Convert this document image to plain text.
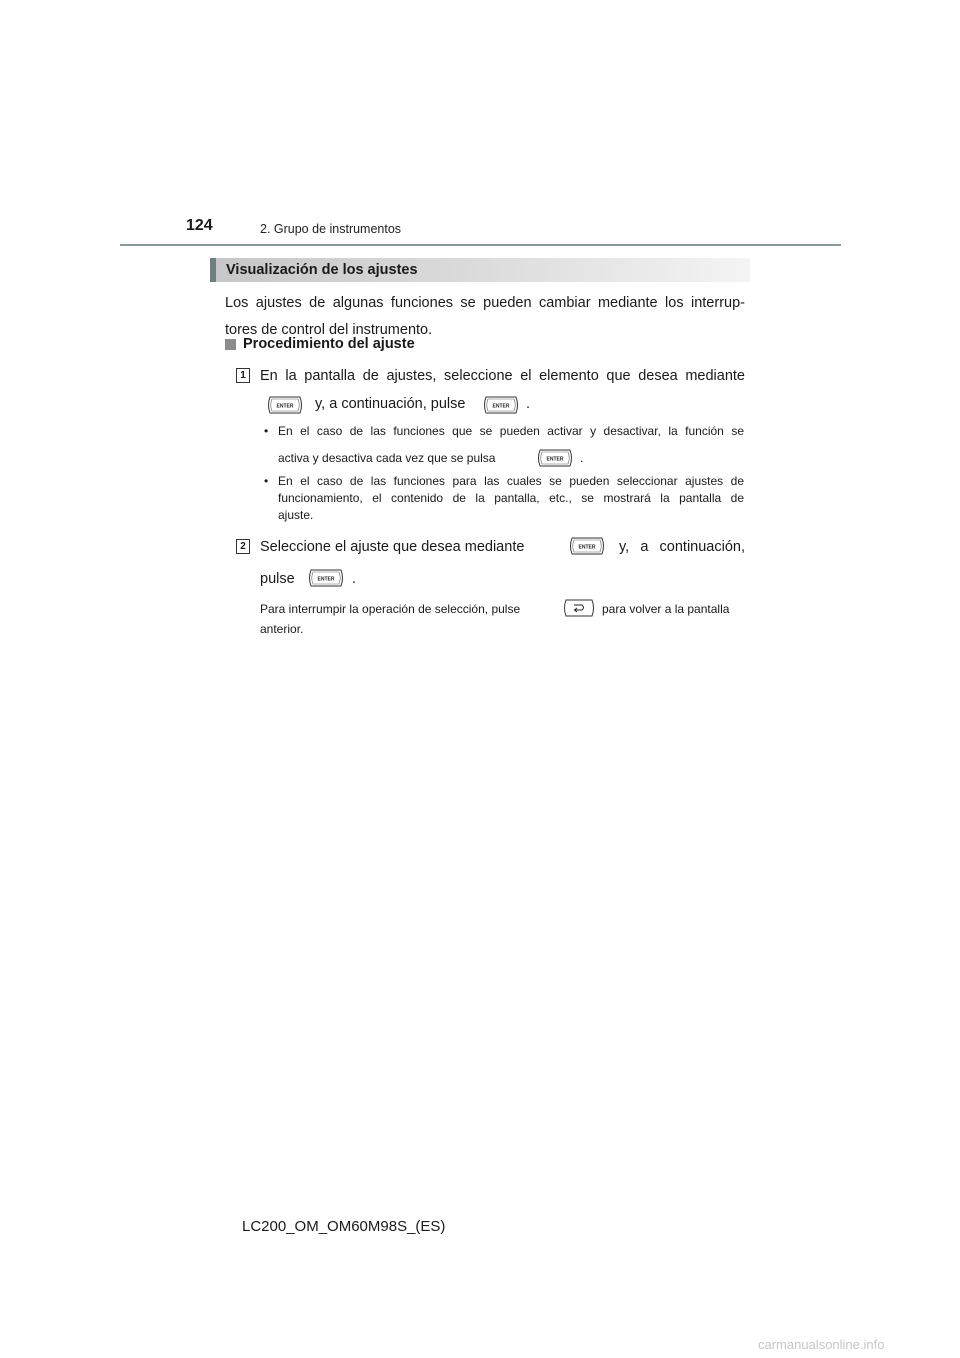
124	2. Grupo de instrumentos
Visualización de los ajustes
Los ajustes de algunas funciones se pueden cambiar mediante los interrup-
tores de control del instrumento.
Procedimiento del ajuste
1 En la pantalla de ajustes, seleccione el elemento que desea mediante
ENTER y, a continuación, pulse	ENTER .
• En el caso de las funciones que se pueden activar y desactivar, la función se
activa y desactiva cada vez que se pulsa	ENTER .
• En el caso de las funciones para las cuales se pueden seleccionar ajustes de
funcionamiento, el contenido de la pantalla, etc., se mostrará la pantalla de
ajuste.
2 Seleccione el ajuste que desea mediante	ENTER y, a continuación,
pulse	ENTER .
Para interrumpir la operación de selección, pulse	para volver a la pantalla
anterior.
LC200_OM_OM60M98S_(ES)
carmanualsonline.info
